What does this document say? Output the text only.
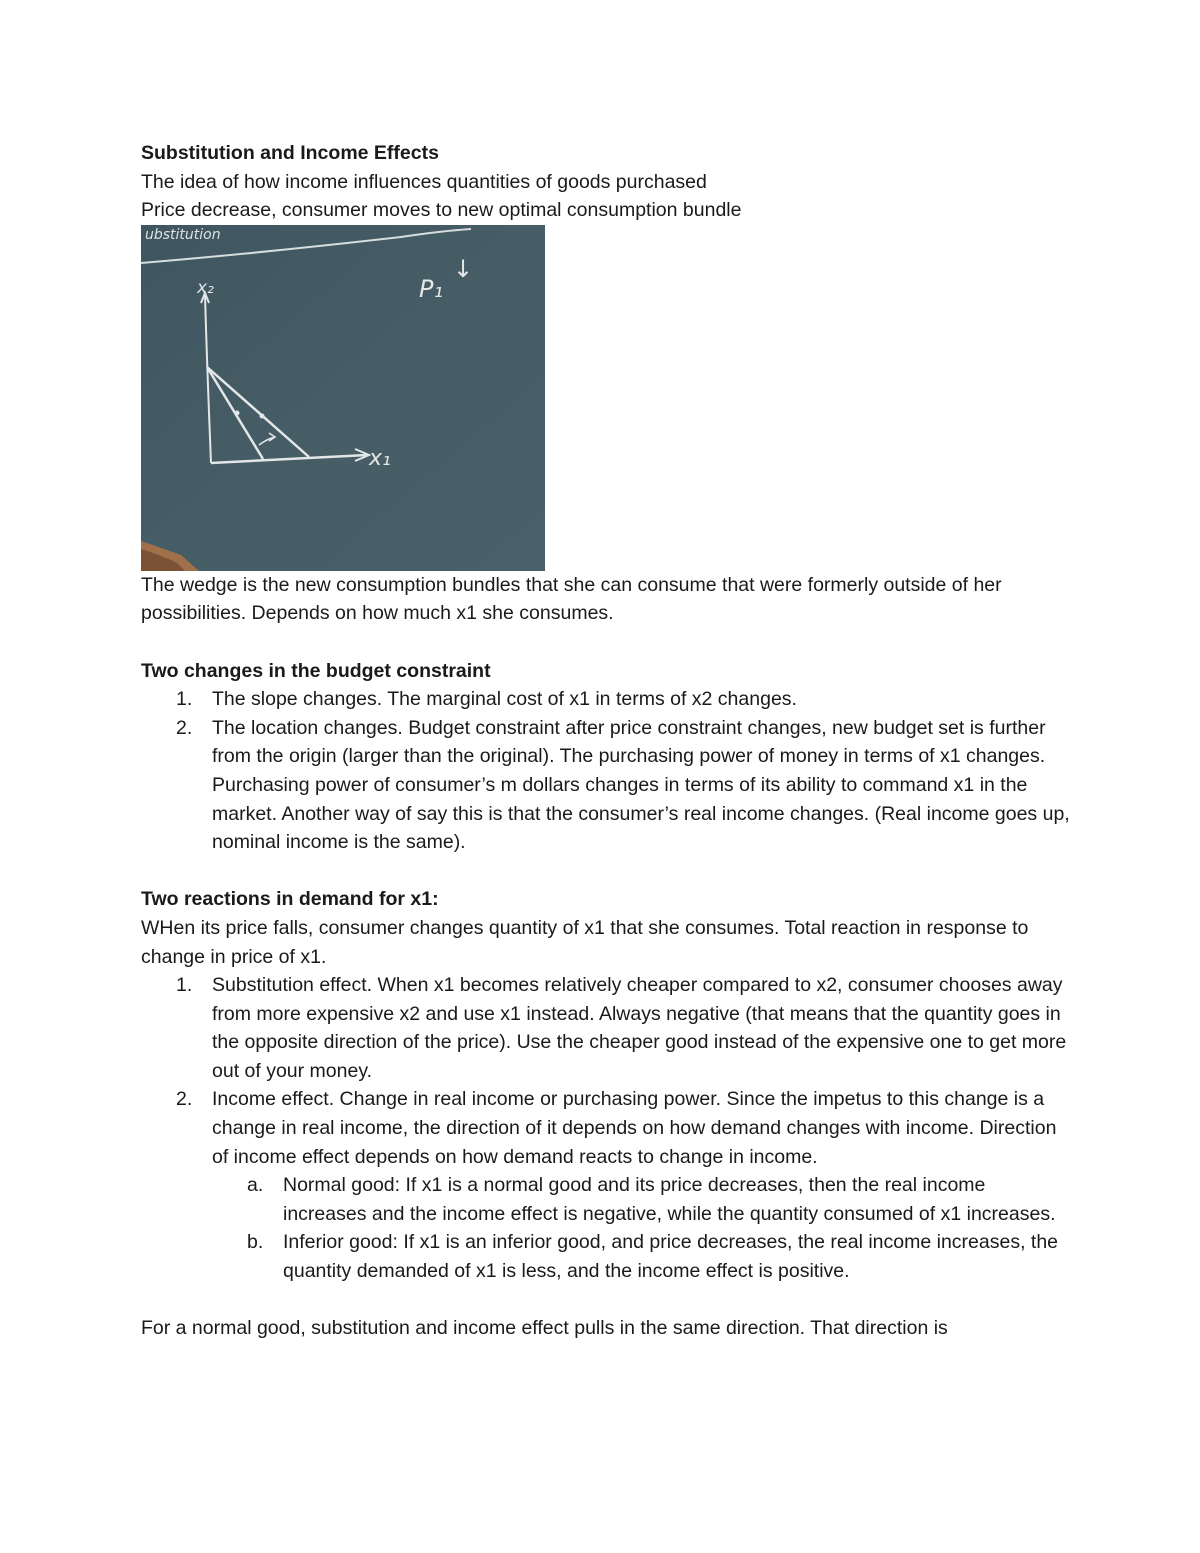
Substitution and Income Effects

The idea of how income influences quantities of goods purchased

Price decrease, consumer moves to new optimal consumption bundle

ubstitution
x₂
x₁
P₁
↓

The wedge is the new consumption bundles that she can consume that were formerly outside of her possibilities. Depends on how much x1 she consumes.

Two changes in the budget constraint

1. The slope changes. The marginal cost of x1 in terms of x2 changes.
2. The location changes. Budget constraint after price constraint changes, new budget set is further from the origin (larger than the original). The purchasing power of money in terms of x1 changes. Purchasing power of consumer’s m dollars changes in terms of its ability to command x1 in the market. Another way of say this is that the consumer’s real income changes. (Real income goes up, nominal income is the same).

Two reactions in demand for x1:

WHen its price falls, consumer changes quantity of x1 that she consumes. Total reaction in response to change in price of x1.

1. Substitution effect. When x1 becomes relatively cheaper compared to x2, consumer chooses away from more expensive x2 and use x1 instead. Always negative (that means that the quantity goes in the opposite direction of the price). Use the cheaper good instead of the expensive one to get more out of your money.
2. Income effect. Change in real income or purchasing power. Since the impetus to this change is a change in real income, the direction of it depends on how demand changes with income. Direction of income effect depends on how demand reacts to change in income.
a. Normal good: If x1 is a normal good and its price decreases, then the real income increases and the income effect is negative, while the quantity consumed of x1 increases.
b. Inferior good: If x1 is an inferior good, and price decreases, the real income increases, the quantity demanded of x1 is less, and the income effect is positive.

For a normal good, substitution and income effect pulls in the same direction. That direction is
